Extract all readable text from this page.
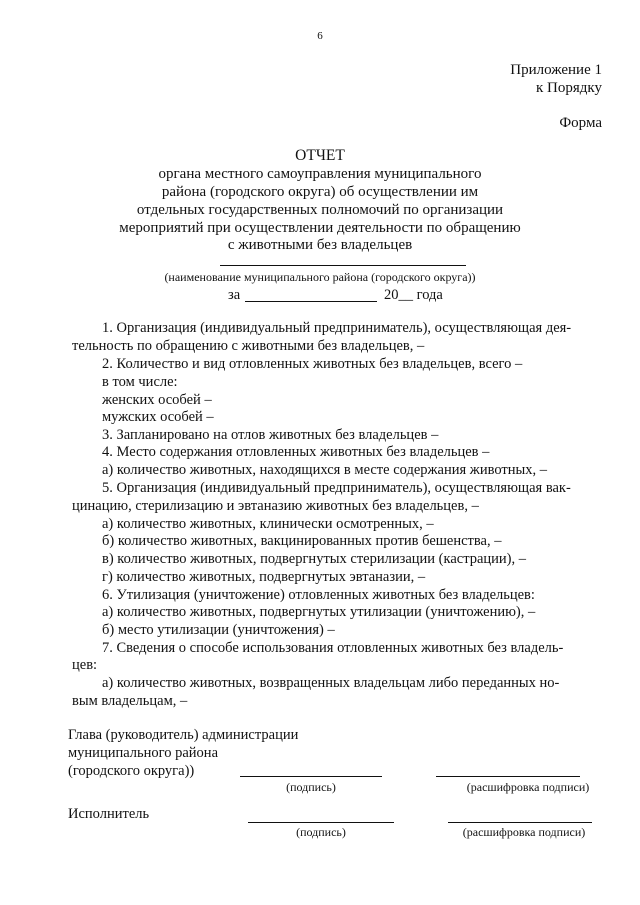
6
Приложение 1
к Порядку
Форма
ОТЧЕТ
органа местного самоуправления муниципального
района (городского округа) об осуществлении им
отдельных государственных полномочий по организации
мероприятий при осуществлении деятельности по обращению
с животными без владельцев
(наименование муниципального района (городского округа))
за	20__ года
1. Организация (индивидуальный предприниматель), осуществляющая дея-
тельность по обращению с животными без владельцев, –
2. Количество и вид отловленных животных без владельцев, всего –
в том числе:
женских особей –
мужских особей –
3. Запланировано на отлов животных без владельцев –
4. Место содержания отловленных животных без владельцев –
а) количество животных, находящихся в месте содержания животных, –
5. Организация (индивидуальный предприниматель), осуществляющая вак-
цинацию, стерилизацию и эвтаназию животных без владельцев, –
а) количество животных, клинически осмотренных, –
б) количество животных, вакцинированных против бешенства, –
в) количество животных, подвергнутых стерилизации (кастрации), –
г) количество животных, подвергнутых эвтаназии, –
6. Утилизация (уничтожение) отловленных животных без владельцев:
а) количество животных, подвергнутых утилизации (уничтожению), –
б) место утилизации (уничтожения) –
7. Сведения о способе использования отловленных животных без владель-
цев:
а) количество животных, возвращенных владельцам либо переданных но-
вым владельцам, –
Глава (руководитель) администрации
муниципального района
(городского округа))
(подпись)	(расшифровка подписи)
Исполнитель
(подпись)	(расшифровка подписи)
